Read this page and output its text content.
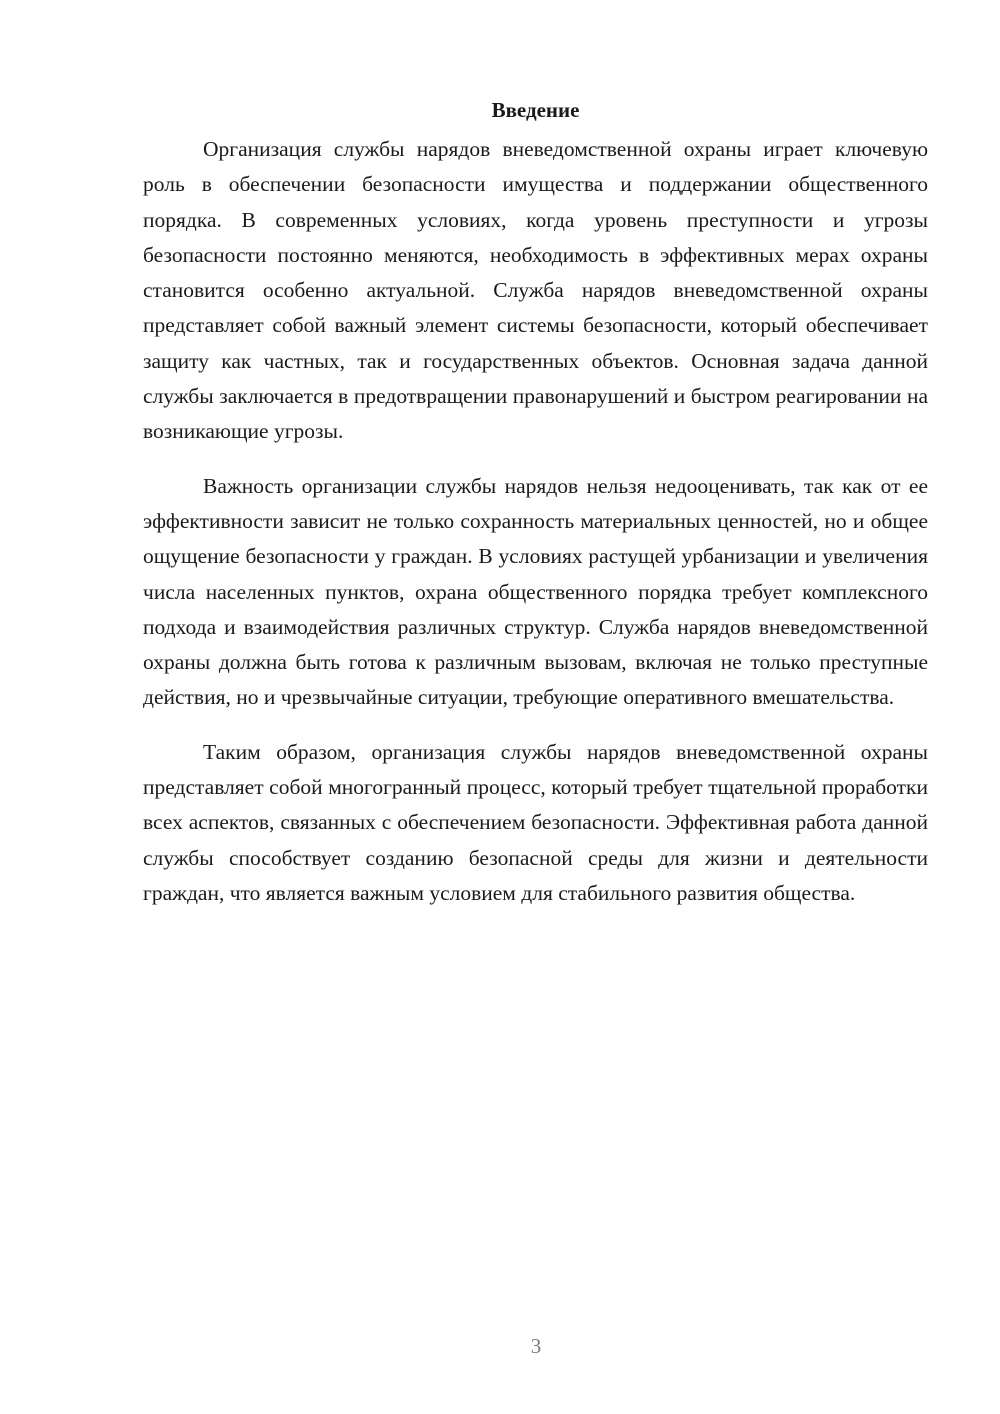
Введение

Организация службы нарядов вневедомственной охраны играет ключевую роль в обеспечении безопасности имущества и поддержании общественного порядка. В современных условиях, когда уровень преступности и угрозы безопасности постоянно меняются, необходимость в эффективных мерах охраны становится особенно актуальной. Служба нарядов вневедомственной охраны представляет собой важный элемент системы безопасности, который обеспечивает защиту как частных, так и государственных объектов. Основная задача данной службы заключается в предотвращении правонарушений и быстром реагировании на возникающие угрозы.

Важность организации службы нарядов нельзя недооценивать, так как от ее эффективности зависит не только сохранность материальных ценностей, но и общее ощущение безопасности у граждан. В условиях растущей урбанизации и увеличения числа населенных пунктов, охрана общественного порядка требует комплексного подхода и взаимодействия различных структур. Служба нарядов вневедомственной охраны должна быть готова к различным вызовам, включая не только преступные действия, но и чрезвычайные ситуации, требующие оперативного вмешательства.

Таким образом, организация службы нарядов вневедомственной охраны представляет собой многогранный процесс, который требует тщательной проработки всех аспектов, связанных с обеспечением безопасности. Эффективная работа данной службы способствует созданию безопасной среды для жизни и деятельности граждан, что является важным условием для стабильного развития общества.

3
